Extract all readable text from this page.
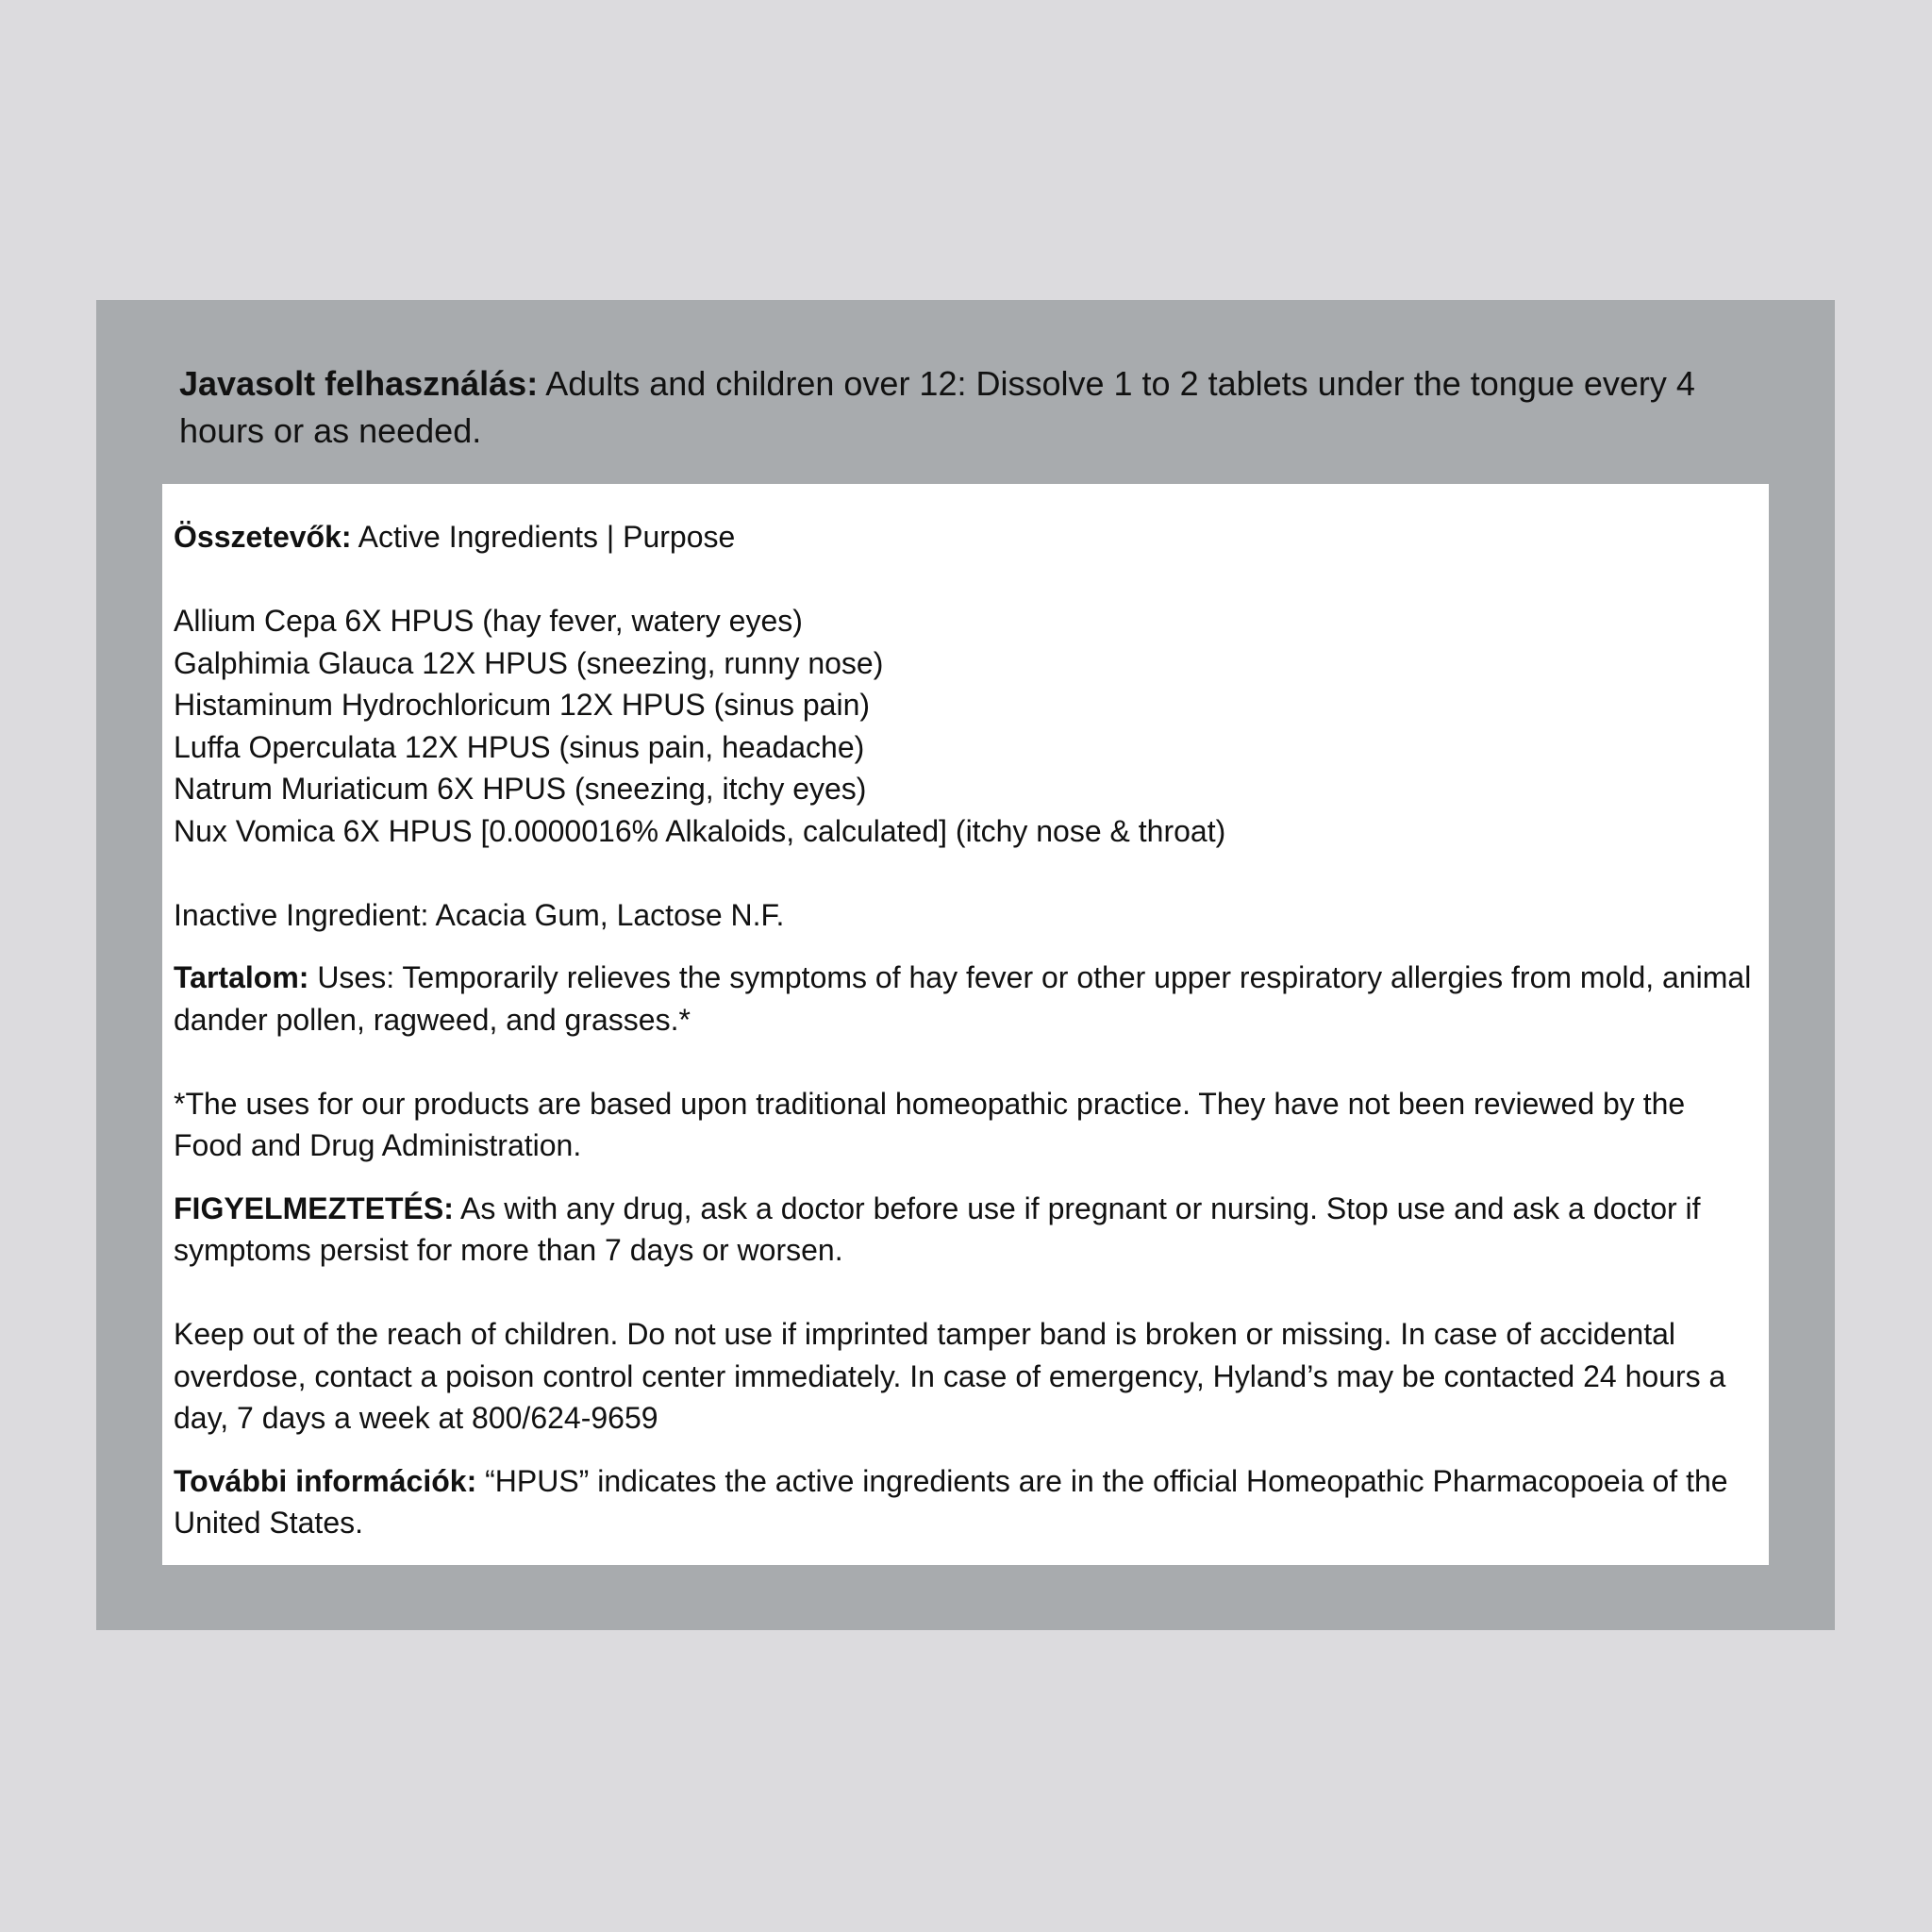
Javasolt felhasználás: Adults and children over 12: Dissolve 1 to 2 tablets under the tongue every 4 hours or as needed.

Összetevők: Active Ingredients | Purpose

Allium Cepa 6X HPUS (hay fever, watery eyes)
Galphimia Glauca 12X HPUS (sneezing, runny nose)
Histaminum Hydrochloricum 12X HPUS (sinus pain)
Luffa Operculata 12X HPUS (sinus pain, headache)
Natrum Muriaticum 6X HPUS (sneezing, itchy eyes)
Nux Vomica 6X HPUS [0.0000016% Alkaloids, calculated] (itchy nose & throat)

Inactive Ingredient: Acacia Gum, Lactose N.F.

Tartalom: Uses: Temporarily relieves the symptoms of hay fever or other upper respiratory allergies from mold, animal dander pollen, ragweed, and grasses.*

*The uses for our products are based upon traditional homeopathic practice. They have not been reviewed by the Food and Drug Administration.

FIGYELMEZTETÉS: As with any drug, ask a doctor before use if pregnant or nursing. Stop use and ask a doctor if symptoms persist for more than 7 days or worsen.

Keep out of the reach of children. Do not use if imprinted tamper band is broken or missing. In case of accidental overdose, contact a poison control center immediately. In case of emergency, Hyland’s may be contacted 24 hours a day, 7 days a week at 800/624-9659

További információk: “HPUS” indicates the active ingredients are in the official Homeopathic Pharmacopoeia of the United States.
